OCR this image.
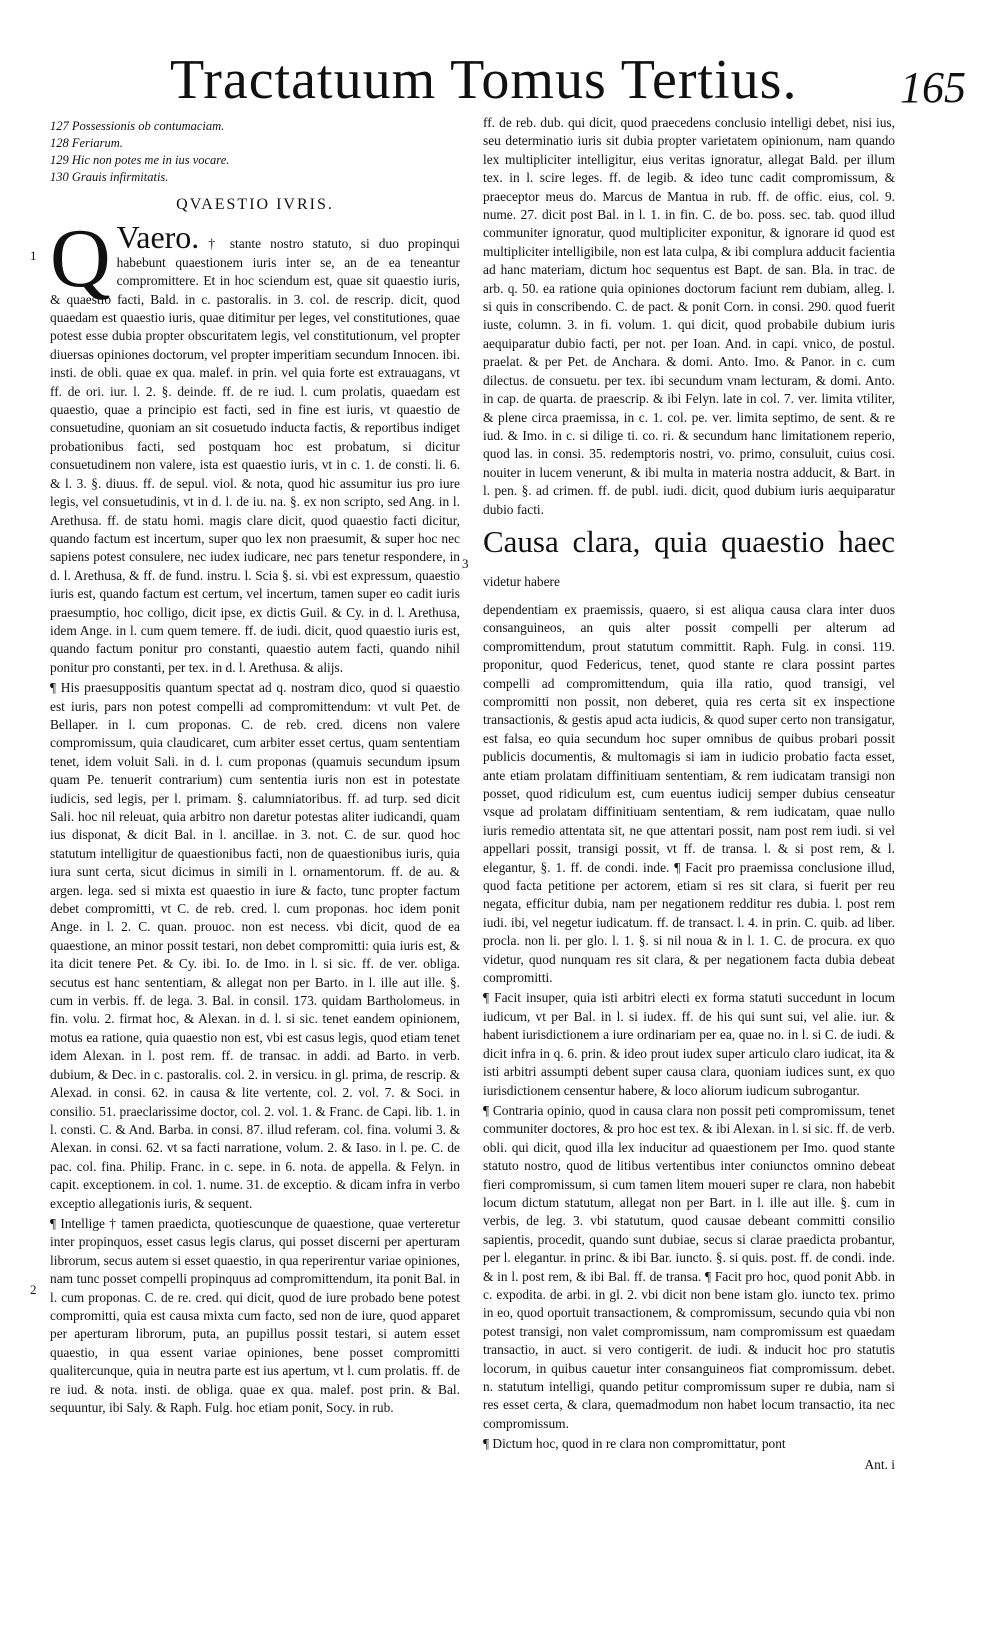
Tractatuum Tomus Tertius. 165
1
2
3
127 Possessionis ob contumaciam.
128 Feriarum.
129 Hic non potes me in ius vocare.
130 Grauis infirmitatis.
QVAESTIO IVRIS.

Q Vaero. † stante nostro statuto, si duo propinqui habebunt quaestionem iuris inter se, an de ea teneantur compromittere. Et in hoc sciendum est, quae sit quaestio iuris, & quaestio facti, Bald. in c. pastoralis. in 3. col. de rescrip. dicit, quod quaedam est quaestio iuris, quae ditimitur per leges, vel constitutiones, quae potest esse dubia propter obscuritatem legis, vel constitutionum, vel propter diuersas opiniones doctorum, vel propter imperitiam secundum Innocen. ibi. insti. de obli. quae ex qua. malef. in prin. vel quia forte est extrauagans, vt ff. de ori. iur. l. 2. §. deinde. ff. de re iud. l. cum prolatis, quaedam est quaestio, quae a principio est facti, sed in fine est iuris, vt quaestio de consuetudine, quoniam an sit cosuetudo inducta factis, & reportibus indiget probationibus facti, sed postquam hoc est probatum, si dicitur consuetudinem non valere, ista est quaestio iuris, vt in c. 1. de consti. li. 6. & l. 3. §. diuus. ff. de sepul. viol. & nota, quod hic assumitur ius pro iure legis, vel consuetudinis, vt in d. l. de iu. na. §. ex non scripto, sed Ang. in l. Arethusa. ff. de statu homi. magis clare dicit, quod quaestio facti dicitur, quando factum est incertum, super quo lex non praesumit, & super hoc nec sapiens potest consulere, nec iudex iudicare, nec pars tenetur respondere, in d. l. Arethusa, & ff. de fund. instru. l. Scia §. si. vbi est expressum, quaestio iuris est, quando factum est certum, vel incertum, tamen super eo cadit iuris praesumptio, hoc colligo, dicit ipse, ex dictis Guil. & Cy. in d. l. Arethusa, idem Ange. in l. cum quem temere. ff. de iudi. dicit, quod quaestio iuris est, quando factum ponitur pro constanti, quaestio autem facti, quando nihil ponitur pro constanti, per tex. in d. l. Arethusa. & alijs.

¶ His praesuppositis quantum spectat ad q. nostram dico, quod si quaestio est iuris, pars non potest compelli ad compromittendum: vt vult Pet. de Bellaper. in l. cum proponas. C. de reb. cred. dicens non valere compromissum, quia claudicaret, cum arbiter esset certus, quam sententiam tenet, idem voluit Sali. in d. l. cum proponas (quamuis secundum ipsum quam Pe. tenuerit contrarium) cum sententia iuris non est in potestate iudicis, sed legis, per l. primam. §. calumniatoribus. ff. ad turp. sed dicit Sali. hoc nil releuat, quia arbitro non daretur potestas aliter iudicandi, quam ius disponat, & dicit Bal. in l. ancillae. in 3. not. C. de sur. quod hoc statutum intelligitur de quaestionibus facti, non de quaestionibus iuris, quia iura sunt certa, sicut dicimus in simili in l. ornamentorum. ff. de au. & argen. lega. sed si mixta est quaestio in iure & facto, tunc propter factum debet compromitti, vt C. de reb. cred. l. cum proponas. hoc idem ponit Ange. in l. 2. C. quan. prouoc. non est necess. vbi dicit, quod de ea quaestione, an minor possit testari, non debet compromitti: quia iuris est, & ita dicit tenere Pet. & Cy. ibi. Io. de Imo. in l. si sic. ff. de ver. obliga. secutus est hanc sententiam, & allegat non per Barto. in l. ille aut ille. §. cum in verbis. ff. de lega. 3. Bal. in consil. 173. quidam Bartholomeus. in fin. volu. 2. firmat hoc, & Alexan. in d. l. si sic. tenet eandem opinionem, motus ea ratione, quia quaestio non est, vbi est casus legis, quod etiam tenet idem Alexan. in l. post rem. ff. de transac. in addi. ad Barto. in verb. dubium, & Dec. in c. pastoralis. col. 2. in versicu. in gl. prima, de rescrip. & Alexad. in consi. 62. in causa & lite vertente, col. 2. vol. 7. & Soci. in consilio. 51. praeclarissime doctor, col. 2. vol. 1. & Franc. de Capi. lib. 1. in l. consti. C. & And. Barba. in consi. 87. illud referam. col. fina. volumi 3. & Alexan. in consi. 62. vt sa facti narratione, volum. 2. & Iaso. in l. pe. C. de pac. col. fina. Philip. Franc. in c. sepe. in 6. nota. de appella. & Felyn. in capit. exceptionem. in col. 1. nume. 31. de exceptio. & dicam infra in verbo exceptio allegationis iuris, & sequent.

¶ Intellige † tamen praedicta, quotiescunque de quaestione, quae verteretur inter propinquos, esset casus legis clarus, qui posset discerni per aperturam librorum, secus autem si esset quaestio, in qua reperirentur variae opiniones, nam tunc posset compelli propinquus ad compromittendum, ita ponit Bal. in l. cum proponas. C. de re. cred. qui dicit, quod de iure probado bene potest compromitti, quia est causa mixta cum facto, sed non de iure, quod apparet per aperturam librorum, puta, an pupillus possit testari, si autem esset quaestio, in qua essent variae opiniones, bene posset compromitti qualitercunque, quia in neutra parte est ius apertum, vt l. cum prolatis. ff. de re iud. & nota. insti. de obliga. quae ex qua. malef. post prin. & Bal. sequuntur, ibi Saly. & Raph. Fulg. hoc etiam ponit, Socy. in rub.

ff. de reb. dub. qui dicit, quod praecedens conclusio intelligi debet, nisi ius, seu determinatio iuris sit dubia propter varietatem opinionum, nam quando lex multipliciter intelligitur, eius veritas ignoratur, allegat Bald. per illum tex. in l. scire leges. ff. de legib. & ideo tunc cadit compromissum, & praeceptor meus do. Marcus de Mantua in rub. ff. de offic. eius, col. 9. nume. 27. dicit post Bal. in l. 1. in fin. C. de bo. poss. sec. tab. quod illud communiter ignoratur, quod multipliciter exponitur, & ignorare id quod est multipliciter intelligibile, non est lata culpa, & ibi complura adducit facientia ad hanc materiam, dictum hoc sequentus est Bapt. de san. Bla. in trac. de arb. q. 50. ea ratione quia opiniones doctorum faciunt rem dubiam, alleg. l. si quis in conscribendo. C. de pact. & ponit Corn. in consi. 290. quod fuerit iuste, column. 3. in fi. volum. 1. qui dicit, quod probabile dubium iuris aequiparatur dubio facti, per not. per Ioan. And. in capi. vnico, de postul. praelat. & per Pet. de Anchara. & domi. Anto. Imo. & Panor. in c. cum dilectus. de consuetu. per tex. ibi secundum vnam lecturam, & domi. Anto. in cap. de quarta. de praescrip. & ibi Felyn. late in col. 7. ver. limita vtiliter, & plene circa praemissa, in c. 1. col. pe. ver. limita septimo, de sent. & re iud. & Imo. in c. si dilige ti. co. ri. & secundum hanc limitationem reperio, quod las. in consi. 35. redemptoris nostri, vo. primo, consuluit, cuius cosi. nouiter in lucem venerunt, & ibi multa in materia nostra adducit, & Bart. in l. pen. §. ad crimen. ff. de publ. iudi. dicit, quod dubium iuris aequiparatur dubio facti.

Causa clara, quia quaestio haec videtur habere

dependentiam ex praemissis, quaero, si est aliqua causa clara inter duos consanguineos, an quis alter possit compelli per alterum ad compromittendum, prout statutum committit. Raph. Fulg. in consi. 119. proponitur, quod Federicus, tenet, quod stante re clara possint partes compelli ad compromittendum, quia illa ratio, quod transigi, vel compromitti non possit, non deberet, quia res certa sit ex inspectione transactionis, & gestis apud acta iudicis, & quod super certo non transigatur, est falsa, eo quia secundum hoc super omnibus de quibus probari possit publicis documentis, & multomagis si iam in iudicio probatio facta esset, ante etiam prolatam diffinitiuam sententiam, & rem iudicatam transigi non posset, quod ridiculum est, cum euentus iudicij semper dubius censeatur vsque ad prolatam diffinitiuam sententiam, & rem iudicatam, quae nullo iuris remedio attentata sit, ne que attentari possit, nam post rem iudi. si vel appellari possit, transigi possit, vt ff. de transa. l. & si post rem, & l. elegantur, §. 1. ff. de condi. inde. ¶ Facit pro praemissa conclusione illud, quod facta petitione per actorem, etiam si res sit clara, si fuerit per reu negata, efficitur dubia, nam per negationem redditur res dubia. l. post rem iudi. ibi, vel negetur iudicatum. ff. de transact. l. 4. in prin. C. quib. ad liber. procla. non li. per glo. l. 1. §. si nil noua & in l. 1. C. de procura. ex quo videtur, quod nunquam res sit clara, & per negationem facta dubia debeat compromitti.

¶ Facit insuper, quia isti arbitri electi ex forma statuti succedunt in locum iudicum, vt per Bal. in l. si iudex. ff. de his qui sunt sui, vel alie. iur. & habent iurisdictionem a iure ordinariam per ea, quae no. in l. si C. de iudi. & dicit infra in q. 6. prin. & ideo prout iudex super articulo claro iudicat, ita & isti arbitri assumpti debent super causa clara, quoniam iudices sunt, ex quo iurisdictionem censentur habere, & loco aliorum iudicum subrogantur.

¶ Contraria opinio, quod in causa clara non possit peti compromissum, tenet communiter doctores, & pro hoc est tex. & ibi Alexan. in l. si sic. ff. de verb. obli. qui dicit, quod illa lex inducitur ad quaestionem per Imo. quod stante statuto nostro, quod de litibus vertentibus inter coniunctos omnino debeat fieri compromissum, si cum tamen litem moueri super re clara, non habebit locum dictum statutum, allegat non per Bart. in l. ille aut ille. §. cum in verbis, de leg. 3. vbi statutum, quod causae debeant committi consilio sapientis, procedit, quando sunt dubiae, secus si clarae praedicta probantur, per l. elegantur. in princ. & ibi Bar. iuncto. §. si quis. post. ff. de condi. inde. & in l. post rem, & ibi Bal. ff. de transa. ¶ Facit pro hoc, quod ponit Abb. in c. expodita. de arbi. in gl. 2. vbi dicit non bene istam glo. iuncto tex. primo in eo, quod oportuit transactionem, & compromissum, secundo quia vbi non potest transigi, non valet compromissum, nam compromissum est quaedam transactio, in auct. si vero contigerit. de iudi. & inducit hoc pro statutis locorum, in quibus cauetur inter consanguineos fiat compromissum. debet. n. statutum intelligi, quando petitur compromissum super re dubia, nam si res esset certa, & clara, quemadmodum non habet locum transactio, ita nec compromissum.

¶ Dictum hoc, quod in re clara non compromittatur, pont

Ant. i
